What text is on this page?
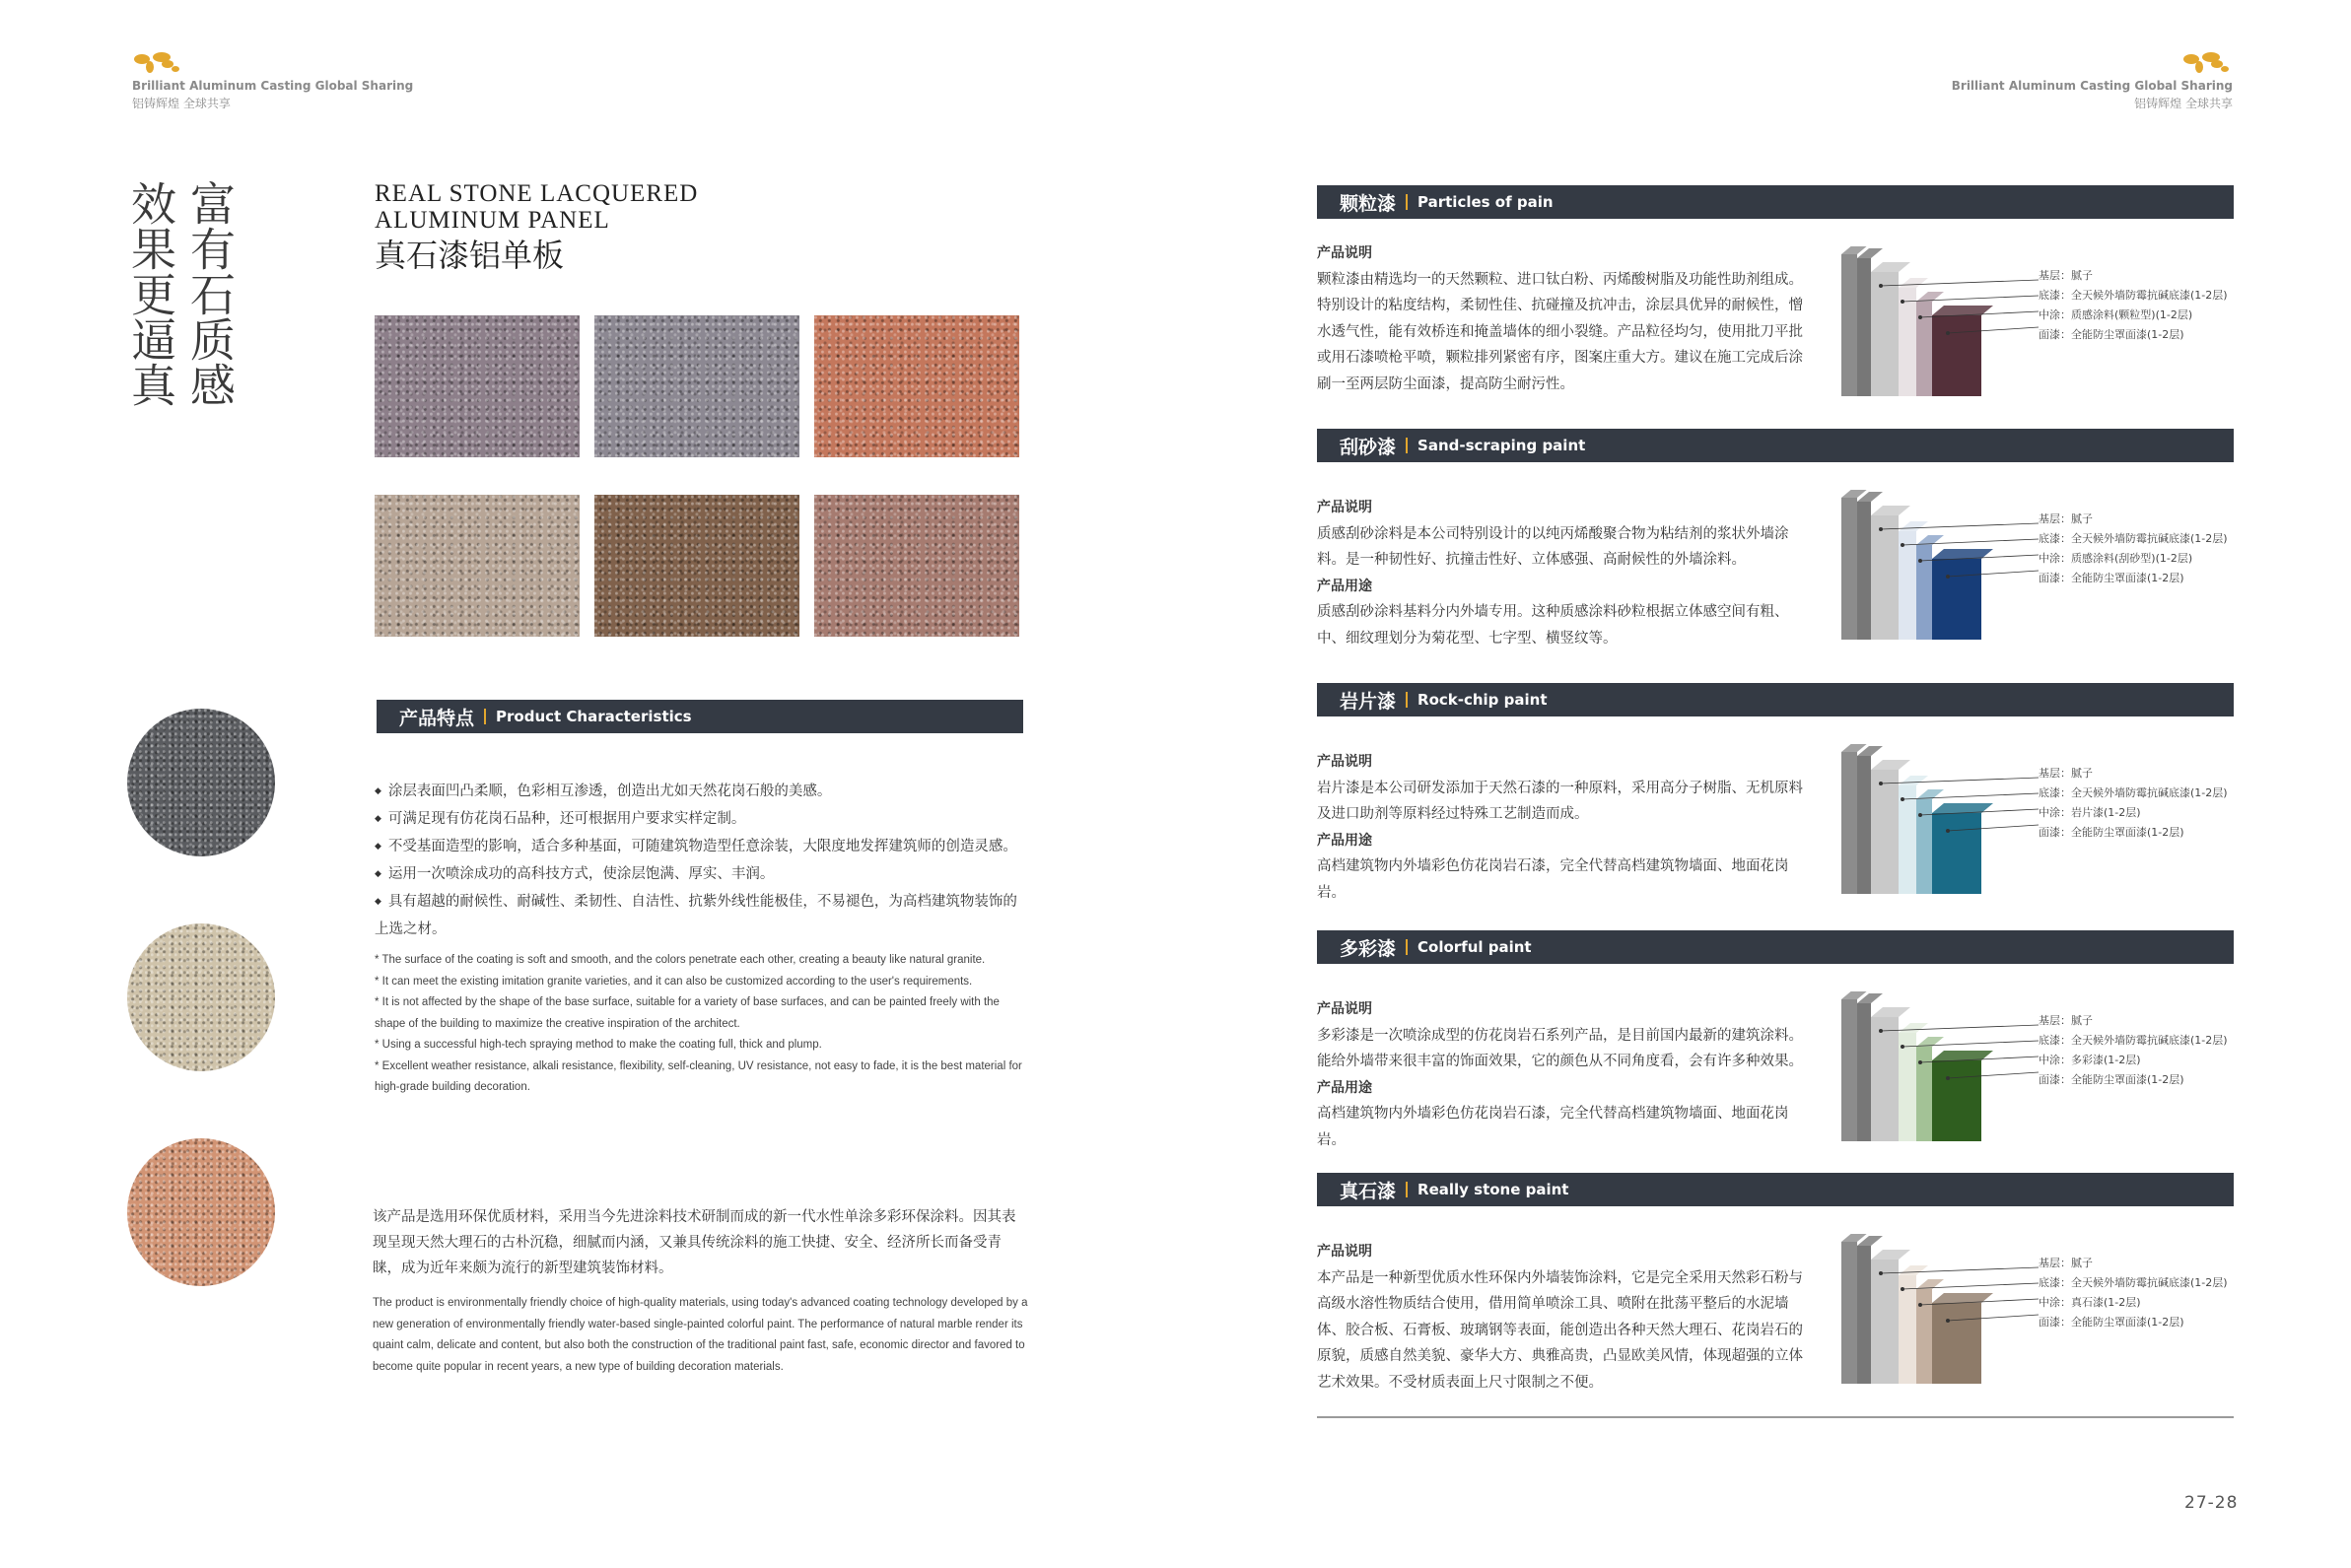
Brilliant Aluminum Casting Global Sharing
铝铸辉煌 全球共享
Brilliant Aluminum Casting Global Sharing
铝铸辉煌 全球共享
效果更逼真 富有石质感	REAL STONE LACQUERED
ALUMINUM PANEL
真石漆铝单板
产品特点 Product Characteristics
◆ 涂层表面凹凸柔顺，色彩相互渗透，创造出尤如天然花岗石般的美感。
◆ 可满足现有仿花岗石品种，还可根据用户要求实样定制。
◆ 不受基面造型的影响，适合多种基面，可随建筑物造型任意涂装，大限度地发挥建筑师的创造灵感。
◆ 运用一次喷涂成功的高科技方式，使涂层饱满、厚实、丰润。
◆ 具有超越的耐候性、耐碱性、柔韧性、自洁性、抗紫外线性能极佳，不易褪色，为高档建筑物装饰的上选之材。
* The surface of the coating is soft and smooth, and the colors penetrate each other, creating a beauty like natural granite.
* It can meet the existing imitation granite varieties, and it can also be customized according to the user's requirements.
* It is not affected by the shape of the base surface, suitable for a variety of base surfaces, and can be painted freely with the shape of the building to maximize the creative inspiration of the architect.
* Using a successful high-tech spraying method to make the coating full, thick and plump.
* Excellent weather resistance, alkali resistance, flexibility, self-cleaning, UV resistance, not easy to fade, it is the best material for high-grade building decoration.
该产品是选用环保优质材料，采用当今先进涂料技术研制而成的新一代水性单涂多彩环保涂料。因其表现呈现天然大理石的古朴沉稳，细腻而内涵，又兼具传统涂料的施工快捷、安全、经济所长而备受青睐，成为近年来颇为流行的新型建筑装饰材料。
The product is environmentally friendly choice of high-quality materials, using today's advanced coating technology developed by a new generation of environmentally friendly water-based single-painted colorful paint. The performance of natural marble render its quaint calm, delicate and content, but also both the construction of the traditional paint fast, safe, economic director and favored to become quite popular in recent years, a new type of building decoration materials.
颗粒漆 Particles of pain
产品说明
颗粒漆由精选均一的天然颗粒、进口钛白粉、丙烯酸树脂及功能性助剂组成。特别设计的粘度结构，柔韧性佳、抗碰撞及抗冲击，涂层具优异的耐候性，憎水透气性，能有效桥连和掩盖墙体的细小裂缝。产品粒径均匀，使用批刀平批或用石漆喷枪平喷，颗粒排列紧密有序，图案庄重大方。建议在施工完成后涂刷一至两层防尘面漆，提高防尘耐污性。
基层：腻子
底漆：全天候外墙防霉抗碱底漆(1-2层)
中涂：质感涂料(颗粒型)(1-2层)
面漆：全能防尘罩面漆(1-2层)
刮砂漆 Sand-scraping paint
产品说明
质感刮砂涂料是本公司特别设计的以纯丙烯酸聚合物为粘结剂的浆状外墙涂料。是一种韧性好、抗撞击性好、立体感强、高耐候性的外墙涂料。
产品用途
质感刮砂涂料基料分内外墙专用。这种质感涂料砂粒根据立体感空间有粗、中、细纹理划分为菊花型、七字型、横竖纹等。
基层：腻子
底漆：全天候外墙防霉抗碱底漆(1-2层)
中涂：质感涂料(刮砂型)(1-2层)
面漆：全能防尘罩面漆(1-2层)
岩片漆 Rock-chip paint
产品说明
岩片漆是本公司研发添加于天然石漆的一种原料，采用高分子树脂、无机原料及进口助剂等原料经过特殊工艺制造而成。
产品用途
高档建筑物内外墙彩色仿花岗岩石漆，完全代替高档建筑物墙面、地面花岗岩。
基层：腻子
底漆：全天候外墙防霉抗碱底漆(1-2层)
中涂：岩片漆(1-2层)
面漆：全能防尘罩面漆(1-2层)
多彩漆 Colorful paint
产品说明
多彩漆是一次喷涂成型的仿花岗岩石系列产品，是目前国内最新的建筑涂料。能给外墙带来很丰富的饰面效果，它的颜色从不同角度看，会有许多种效果。
产品用途
高档建筑物内外墙彩色仿花岗岩石漆，完全代替高档建筑物墙面、地面花岗岩。
基层：腻子
底漆：全天候外墙防霉抗碱底漆(1-2层)
中涂：多彩漆(1-2层)
面漆：全能防尘罩面漆(1-2层)
真石漆 Really stone paint
产品说明
本产品是一种新型优质水性环保内外墙装饰涂料，它是完全采用天然彩石粉与高级水溶性物质结合使用，借用简单喷涂工具、喷附在批荡平整后的水泥墙体、胶合板、石膏板、玻璃钢等表面，能创造出各种天然大理石、花岗岩石的原貌，质感自然美貌、豪华大方、典雅高贵，凸显欧美风情，体现超强的立体艺术效果。不受材质表面上尺寸限制之不便。
基层：腻子
底漆：全天候外墙防霉抗碱底漆(1-2层)
中涂：真石漆(1-2层)
面漆：全能防尘罩面漆(1-2层)
27-28
